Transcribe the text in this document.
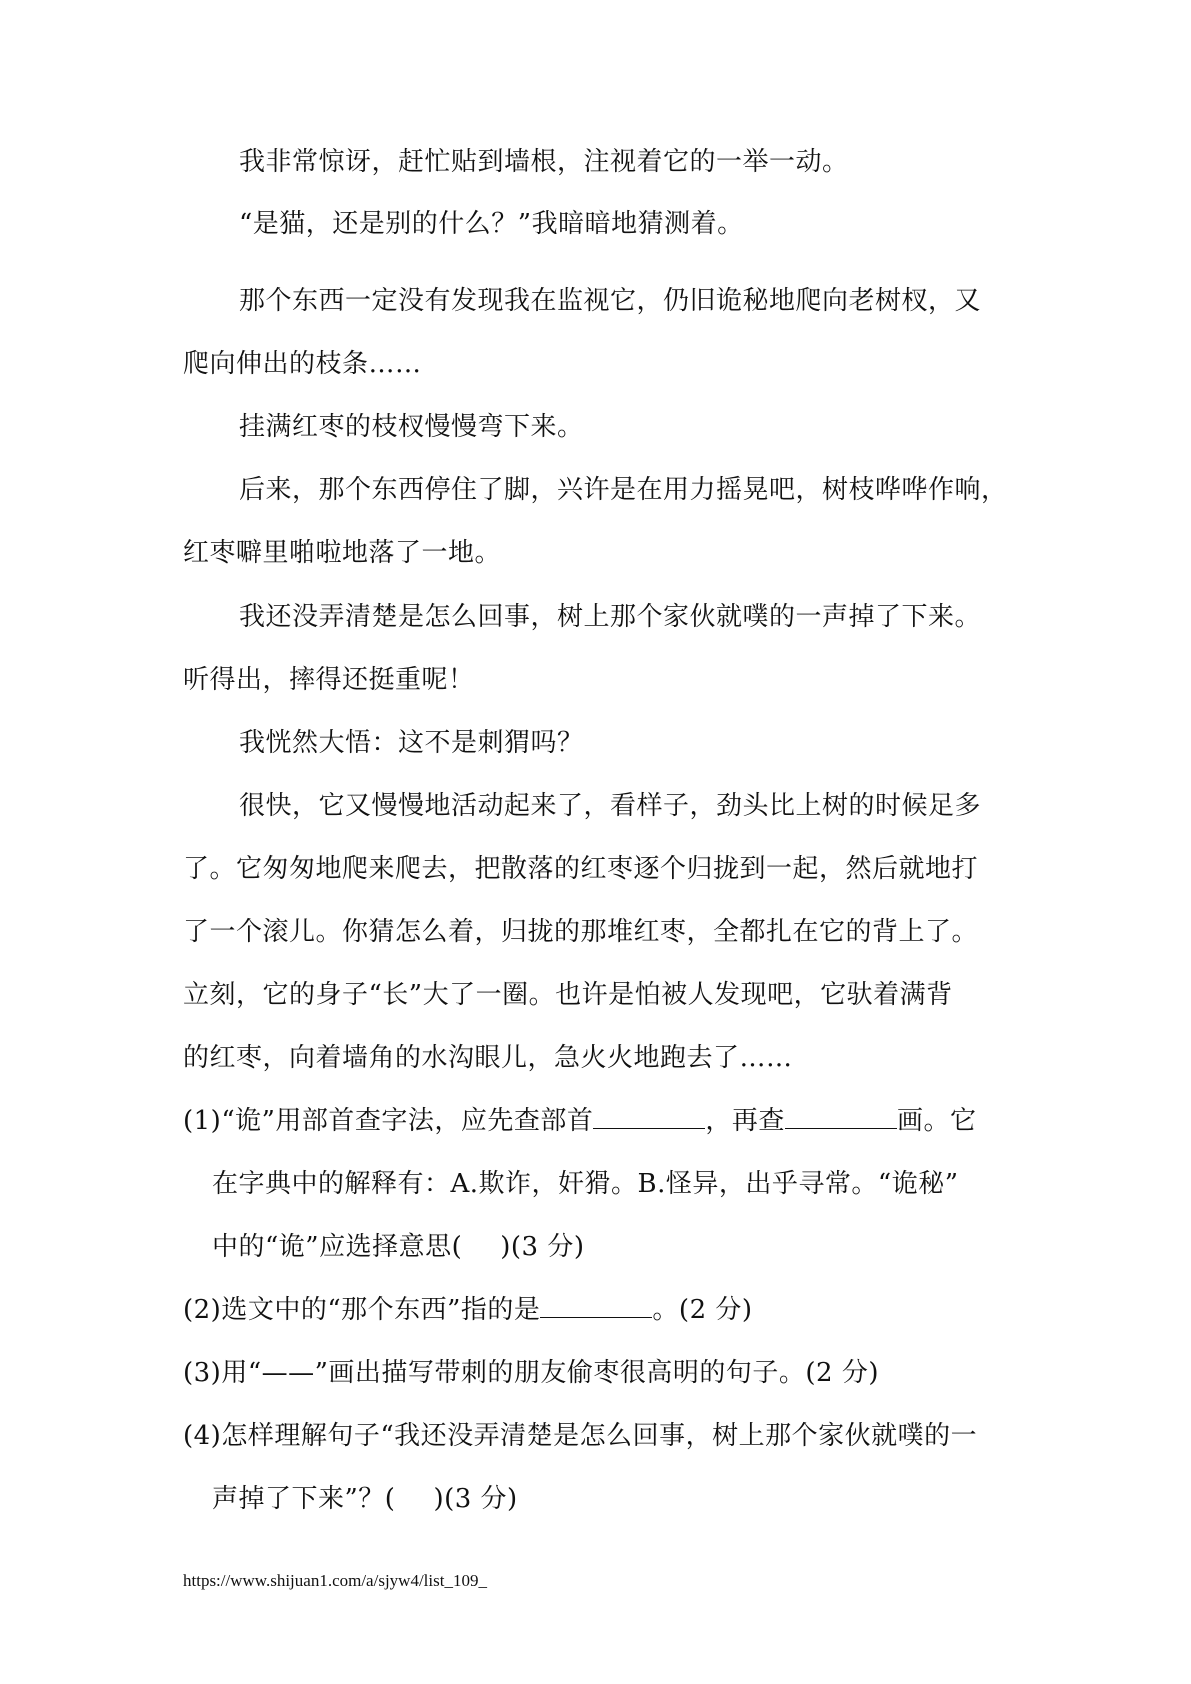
我非常惊讶，赶忙贴到墙根，注视着它的一举一动。
“是猫，还是别的什么？”我暗暗地猜测着。
那个东西一定没有发现我在监视它，仍旧诡秘地爬向老树杈，又
爬向伸出的枝条……
挂满红枣的枝杈慢慢弯下来。
后来，那个东西停住了脚，兴许是在用力摇晃吧，树枝哗哗作响，
红枣噼里啪啦地落了一地。
我还没弄清楚是怎么回事，树上那个家伙就噗的一声掉了下来。
听得出，摔得还挺重呢！
我恍然大悟：这不是刺猬吗？
很快，它又慢慢地活动起来了，看样子，劲头比上树的时候足多
了。它匆匆地爬来爬去，把散落的红枣逐个归拢到一起，然后就地打
了一个滚儿。你猜怎么着，归拢的那堆红枣，全都扎在它的背上了。
立刻，它的身子“长”大了一圈。也许是怕被人发现吧，它驮着满背
的红枣，向着墙角的水沟眼儿，急火火地跑去了……
(1)“诡”用部首查字法，应先查部首	，再查	画。它
在字典中的解释有：A.欺诈，奸猾。B.怪异，出乎寻常。“诡秘”
中的“诡”应选择意思( )(3 分)
(2)选文中的“那个东西”指的是	。(2 分)
(3)用“——”画出描写带刺的朋友偷枣很高明的句子。(2 分)
(4)怎样理解句子“我还没弄清楚是怎么回事，树上那个家伙就噗的一
声掉了下来”？( )(3 分)
https://www.shijuan1.com/a/sjyw4/list_109_
